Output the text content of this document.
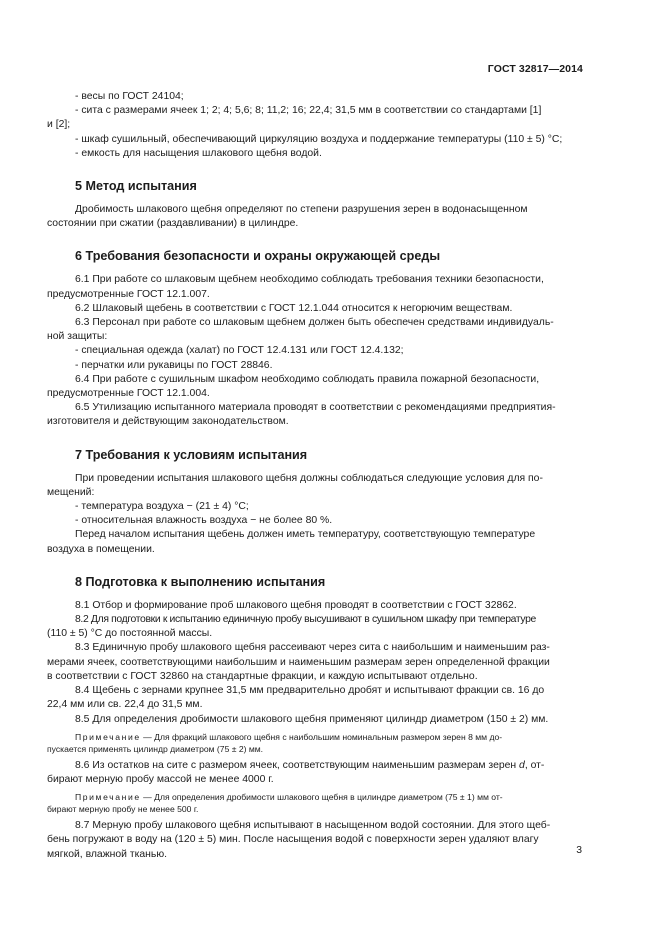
ГОСТ 32817—2014
- весы по ГОСТ 24104;
- сита с размерами ячеек 1; 2; 4; 5,6; 8; 11,2; 16; 22,4; 31,5 мм в соответствии со стандартами [1]
и [2];
- шкаф сушильный, обеспечивающий циркуляцию воздуха и поддержание температуры (110 ± 5) °С;
- емкость для насыщения шлакового щебня водой.
5 Метод испытания
Дробимость шлакового щебня определяют по степени разрушения зерен в водонасыщенном
состоянии при сжатии (раздавливании) в цилиндре.
6 Требования безопасности и охраны окружающей среды
6.1 При работе со шлаковым щебнем необходимо соблюдать требования техники безопасности,
предусмотренные ГОСТ 12.1.007.
6.2 Шлаковый щебень в соответствии с ГОСТ 12.1.044 относится к негорючим веществам.
6.3 Персонал при работе со шлаковым щебнем должен быть обеспечен средствами индивидуаль-
ной защиты:
- специальная одежда (халат) по ГОСТ 12.4.131 или ГОСТ 12.4.132;
- перчатки или рукавицы по ГОСТ 28846.
6.4 При работе с сушильным шкафом необходимо соблюдать правила пожарной безопасности,
предусмотренные ГОСТ 12.1.004.
6.5 Утилизацию испытанного материала проводят в соответствии с рекомендациями предприятия-
изготовителя и действующим законодательством.
7 Требования к условиям испытания
При проведении испытания шлакового щебня должны соблюдаться следующие условия для по-
мещений:
- температура воздуха − (21 ± 4) °С;
- относительная влажность воздуха − не более 80 %.
Перед началом испытания щебень должен иметь температуру, соответствующую температуре
воздуха в помещении.
8 Подготовка к выполнению испытания
8.1 Отбор и формирование проб шлакового щебня проводят в соответствии с ГОСТ 32862.
8.2 Для подготовки к испытанию единичную пробу высушивают в сушильном шкафу при температуре
(110 ± 5) °С до постоянной массы.
8.3 Единичную пробу шлакового щебня рассеивают через сита с наибольшим и наименьшим раз-
мерами ячеек, соответствующими наибольшим и наименьшим размерам зерен определенной фракции
в соответствии с ГОСТ 32860 на стандартные фракции, и каждую испытывают отдельно.
8.4 Щебень с зернами крупнее 31,5 мм предварительно дробят и испытывают фракции св. 16 до
22,4 мм или св. 22,4 до 31,5 мм.
8.5 Для определения дробимости шлакового щебня применяют цилиндр диаметром (150 ± 2) мм.
Примечание — Для фракций шлакового щебня с наибольшим номинальным размером зерен 8 мм до-
пускается применять цилиндр диаметром (75 ± 2) мм.
8.6 Из остатков на сите с размером ячеек, соответствующим наименьшим размерам зерен d, от-
бирают мерную пробу массой не менее 4000 г.
Примечание — Для определения дробимости шлакового щебня в цилиндре диаметром (75 ± 1) мм от-
бирают мерную пробу не менее 500 г.
8.7 Мерную пробу шлакового щебня испытывают в насыщенном водой состоянии. Для этого щеб-
бень погружают в воду на (120 ± 5) мин. После насыщения водой с поверхности зерен удаляют влагу
мягкой, влажной тканью.	3
